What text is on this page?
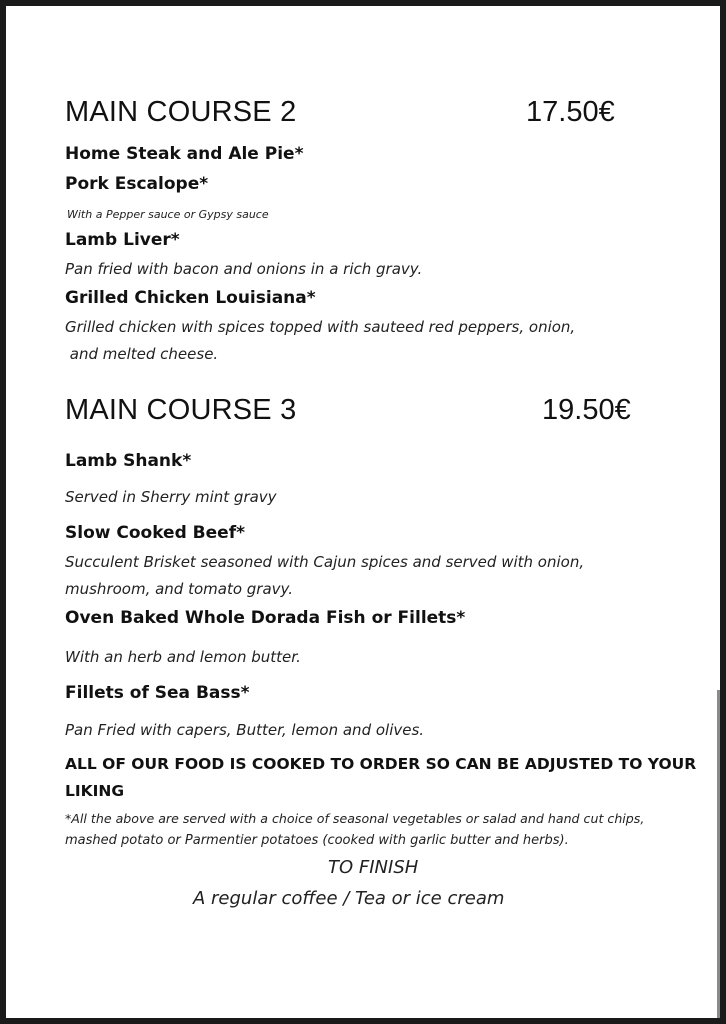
MAIN COURSE 2	17.50€
Home Steak and Ale Pie*
Pork Escalope*
With a Pepper sauce or Gypsy sauce
Lamb Liver*
Pan fried with bacon and onions in a rich gravy.
Grilled Chicken Louisiana*
Grilled chicken with spices topped with sauteed red peppers, onion,
and melted cheese.
MAIN COURSE 3	19.50€
Lamb Shank*
Served in Sherry mint gravy
Slow Cooked Beef*
Succulent Brisket seasoned with Cajun spices and served with onion,
mushroom, and tomato gravy.
Oven Baked Whole Dorada Fish or Fillets*
With an herb and lemon butter.
Fillets of Sea Bass*
Pan Fried with capers, Butter, lemon and olives.
ALL OF OUR FOOD IS COOKED TO ORDER SO CAN BE ADJUSTED TO YOUR
LIKING
*All the above are served with a choice of seasonal vegetables or salad and hand cut chips,
mashed potato or Parmentier potatoes (cooked with garlic butter and herbs).
TO FINISH
A regular coffee / Tea or ice cream
